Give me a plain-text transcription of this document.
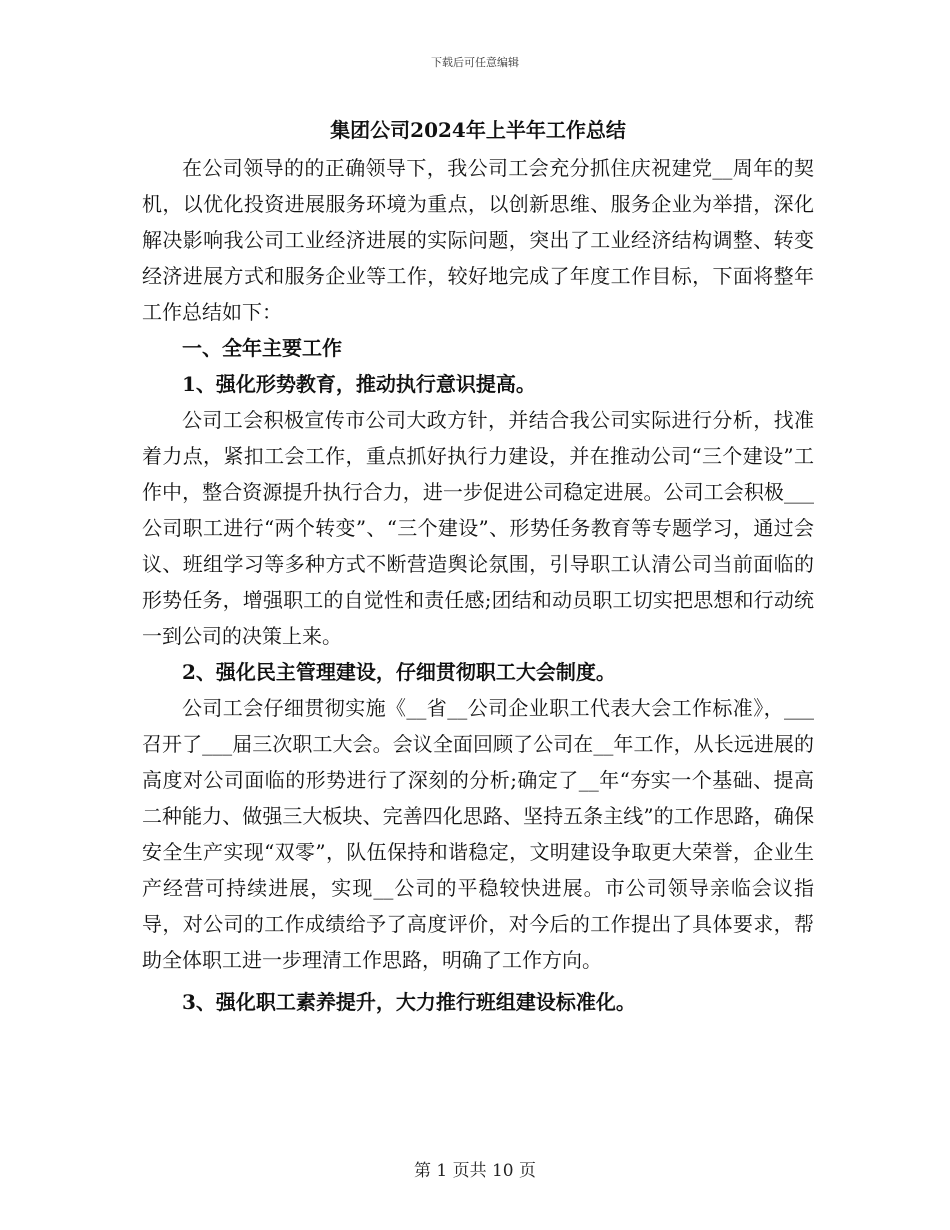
下载后可任意编辑
集团公司2024年上半年工作总结

在公司领导的的正确领导下，我公司工会充分抓住庆祝建党__周年的契机，以优化投资进展服务环境为重点，以创新思维、服务企业为举措，深化解决影响我公司工业经济进展的实际问题，突出了工业经济结构调整、转变经济进展方式和服务企业等工作，较好地完成了年度工作目标，下面将整年工作总结如下：

一、全年主要工作

1、强化形势教育，推动执行意识提高。

公司工会积极宣传市公司大政方针，并结合我公司实际进行分析，找准着力点，紧扣工会工作，重点抓好执行力建设，并在推动公司“三个建设”工作中，整合资源提升执行合力，进一步促进公司稳定进展。公司工会积极___公司职工进行“两个转变”、“三个建设”、形势任务教育等专题学习，通过会议、班组学习等多种方式不断营造舆论氛围，引导职工认清公司当前面临的形势任务，增强职工的自觉性和责任感;团结和动员职工切实把思想和行动统一到公司的决策上来。

2、强化民主管理建设，仔细贯彻职工大会制度。

公司工会仔细贯彻实施《__省__公司企业职工代表大会工作标准》，___召开了___届三次职工大会。会议全面回顾了公司在__年工作，从长远进展的高度对公司面临的形势进行了深刻的分析;确定了__年“夯实一个基础、提高二种能力、做强三大板块、完善四化思路、坚持五条主线”的工作思路，确保安全生产实现“双零”，队伍保持和谐稳定，文明建设争取更大荣誉，企业生产经营可持续进展，实现__公司的平稳较快进展。市公司领导亲临会议指导，对公司的工作成绩给予了高度评价，对今后的工作提出了具体要求，帮助全体职工进一步理清工作思路，明确了工作方向。

3、强化职工素养提升，大力推行班组建设标准化。

第 1 页共 10 页
